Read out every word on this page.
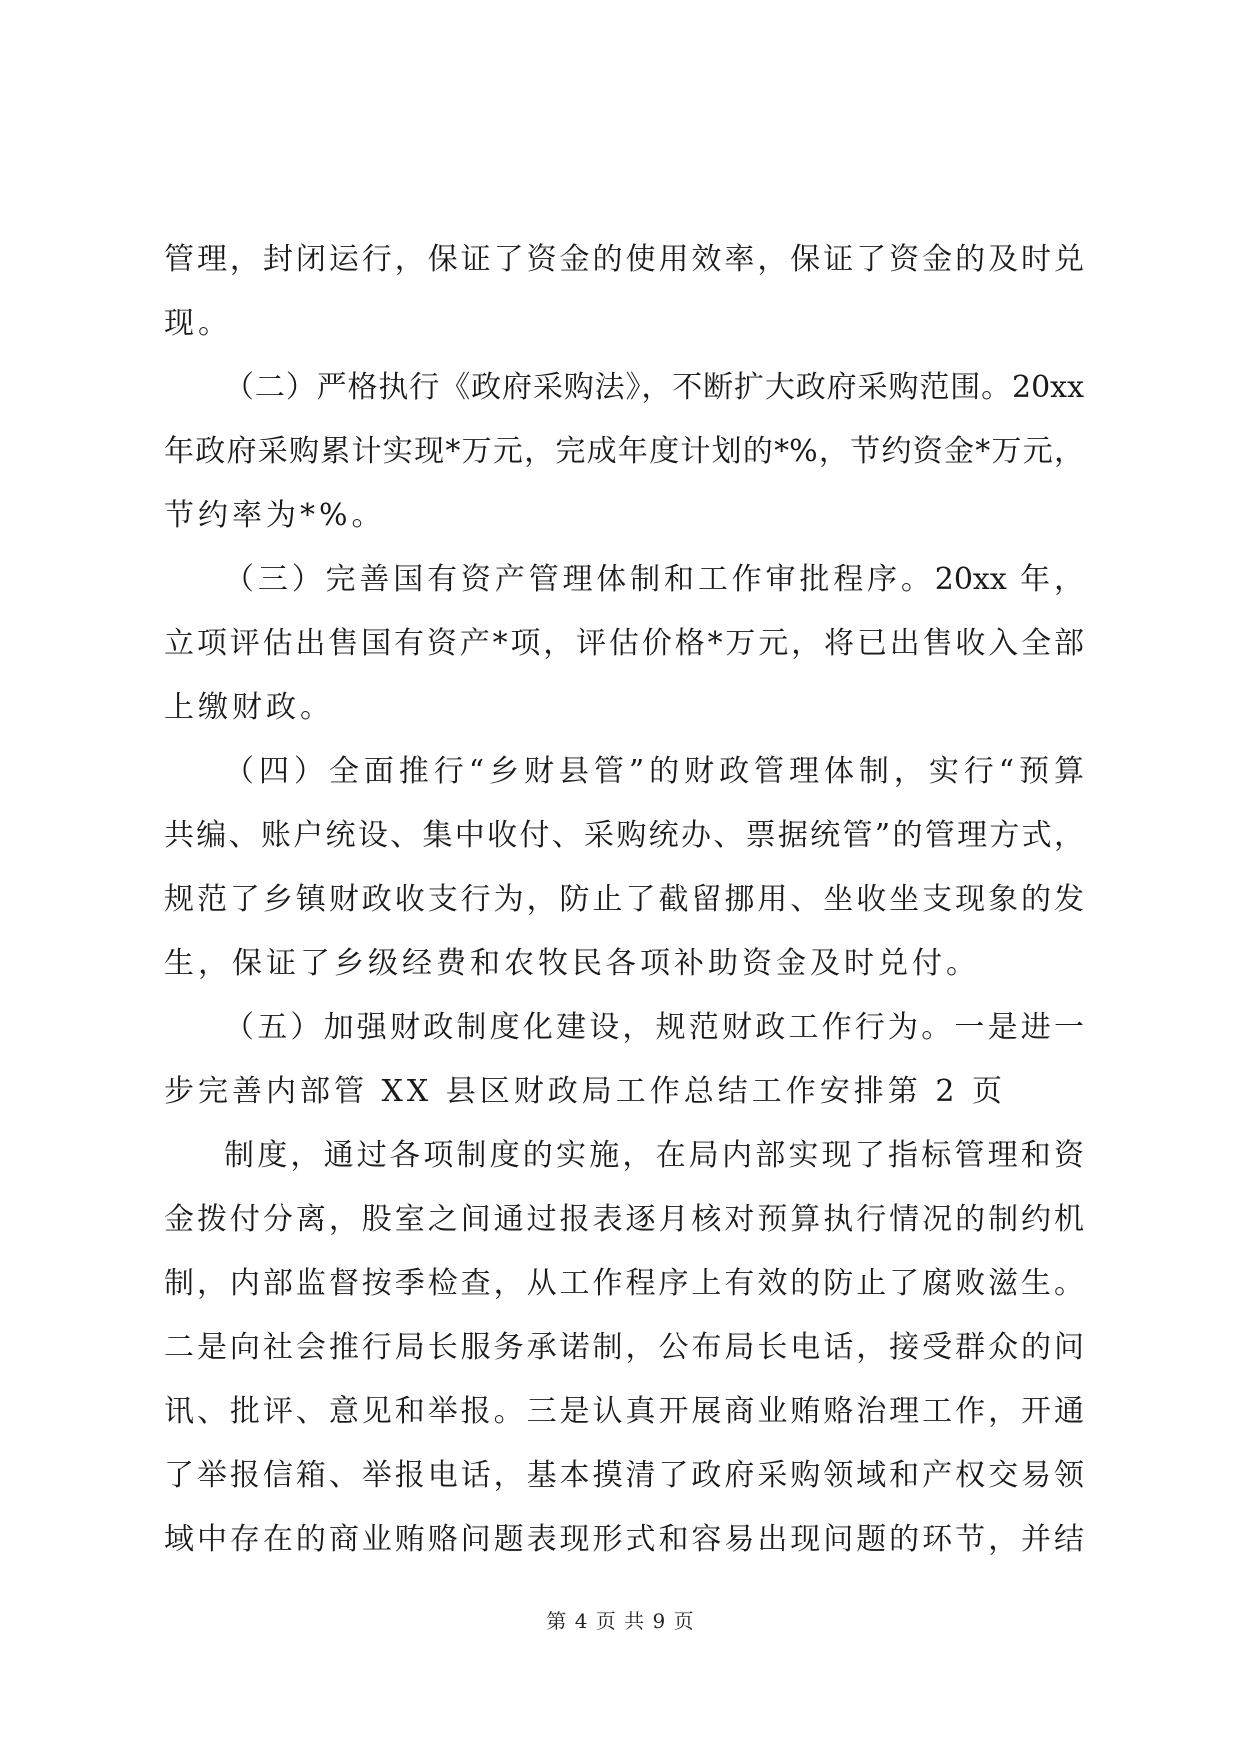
管理，封闭运行，保证了资金的使用效率，保证了资金的及时兑
现。
（二）严格执行《政府采购法》，不断扩大政府采购范围。20xx
年政府采购累计实现*万元，完成年度计划的*%，节约资金*万元，
节约率为*%。
（三）完善国有资产管理体制和工作审批程序。20xx 年，
立项评估出售国有资产*项，评估价格*万元，将已出售收入全部
上缴财政。
（四）全面推行“乡财县管”的财政管理体制，实行“预算
共编、账户统设、集中收付、采购统办、票据统管”的管理方式，
规范了乡镇财政收支行为，防止了截留挪用、坐收坐支现象的发
生，保证了乡级经费和农牧民各项补助资金及时兑付。
（五）加强财政制度化建设，规范财政工作行为。一是进一
步完善内部管 XX 县区财政局工作总结工作安排第 2 页
制度，通过各项制度的实施，在局内部实现了指标管理和资
金拨付分离，股室之间通过报表逐月核对预算执行情况的制约机
制，内部监督按季检查，从工作程序上有效的防止了腐败滋生。
二是向社会推行局长服务承诺制，公布局长电话，接受群众的问
讯、批评、意见和举报。三是认真开展商业贿赂治理工作，开通
了举报信箱、举报电话，基本摸清了政府采购领域和产权交易领
域中存在的商业贿赂问题表现形式和容易出现问题的环节，并结
第 4 页 共 9 页
